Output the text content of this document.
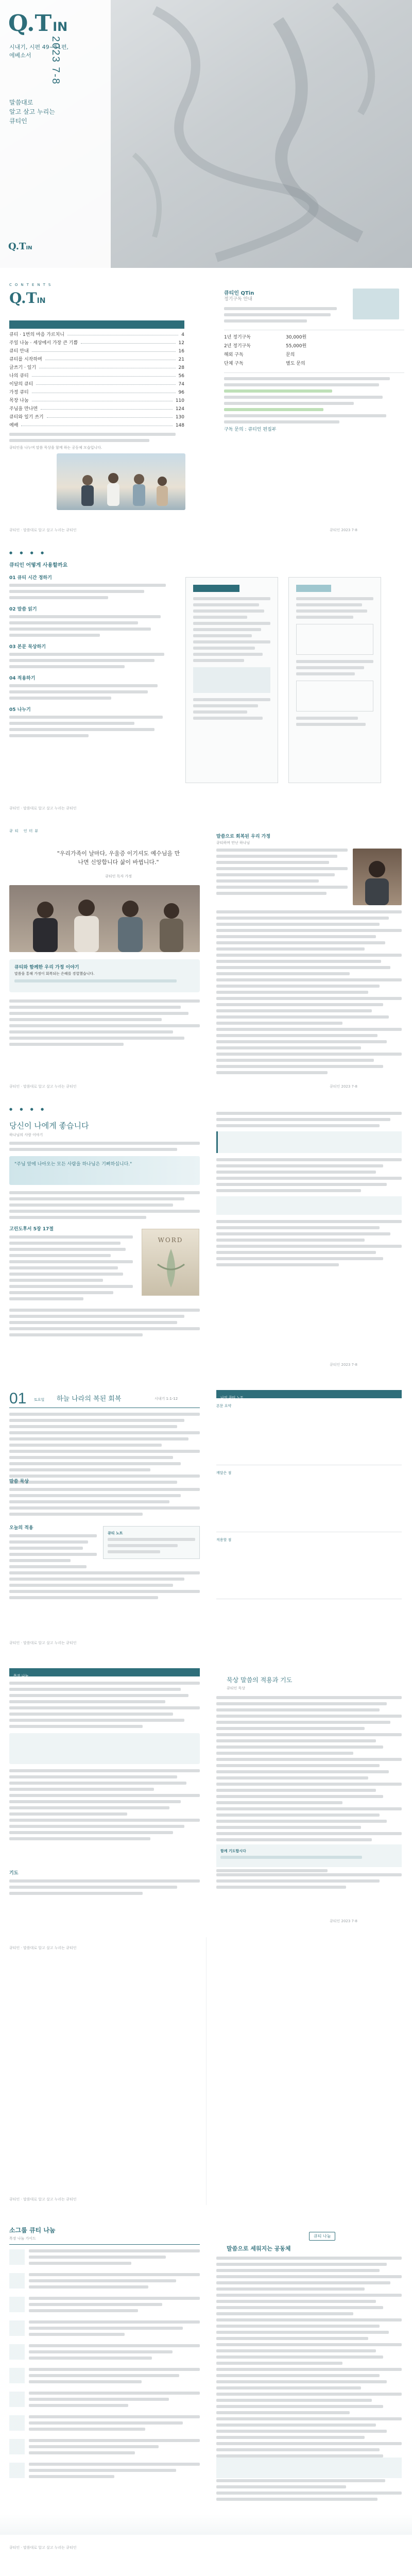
Q.TIN
2023 7-8
시내기, 시편 49~51편,
에베소서
말씀대로
알고 살고 누리는
큐티인
Q.TIN
CONTENTS
Q.TIN
큐티 · 1번의 마음 가르치니	4
주일 나눔 · 세상에서 가장 큰 기쁨	12
큐티 안내	16
큐티를 시작하며	21
글쓰기 · 일기	28
나의 큐티	56
이달의 큐티	74
가정 큐티	96
목장 나눔	110
주님을 만나면	124
큐티와 일기 쓰기	130
예배	148
큐티인을 나누며 말씀 묵상을 함께 하는 공동체 모습입니다.
큐티인 QTin
정기구독 안내
1년 정기구독	30,000원
2년 정기구독	55,000원
해외 구독	문의
단체 구독	별도 문의
구독 문의 : 큐티인 편집부
큐티인 · 말씀대로 알고 살고 누리는 큐티인	큐티인 2023 7-8
● ● ● ●
큐티인 어떻게 사용할까요
01 큐티 시간 정하기
02 말씀 읽기
03 본문 묵상하기
04 적용하기
05 나누기
큐티인 · 말씀대로 알고 살고 누리는 큐티인
큐티 인터뷰
"우리가족이 날마다, 우울증 이기셔도 예수님을 만나면 신앙합니다 삶이 바뀝니다."
큐티인 독자 가정
큐티와 함께한 우리 가정 이야기
말씀을 통해 가정이 회복되는 은혜를 경험했습니다.
말씀으로 회복된 우리 가정
큐티하며 만난 하나님
큐티인 · 말씀대로 알고 살고 누리는 큐티인	큐티인 2023 7-8
● ● ● ●
당신이 나에게 좋습니다
하나님의 사랑 이야기
"주님 앞에 나아오는 모든 사람을 하나님은 기뻐하십니다."
고린도후서 5장 17절
WORD
큐티인 2023 7-8
01 토요일 하늘 나라의 복된 회복	시내기 1:1-12
말씀 묵상
오늘의 적용
큐티 노트
나의 큐티 노트
본문 요약
깨달은 점
적용할 점
큐티인 · 말씀대로 알고 살고 누리는 큐티인
목장 나눔
기도
묵상 말씀의 적용과 기도
큐티인 묵상
함께 기도합시다
큐티인 2023 7-8
큐티인 · 말씀대로 알고 살고 누리는 큐티인
큐티인 · 말씀대로 알고 살고 누리는 큐티인
소그룹 큐티 나눔
목장 나눔 가이드	큐티 나눔
말씀으로 세워지는 공동체
큐티인 · 말씀대로 알고 살고 누리는 큐티인
